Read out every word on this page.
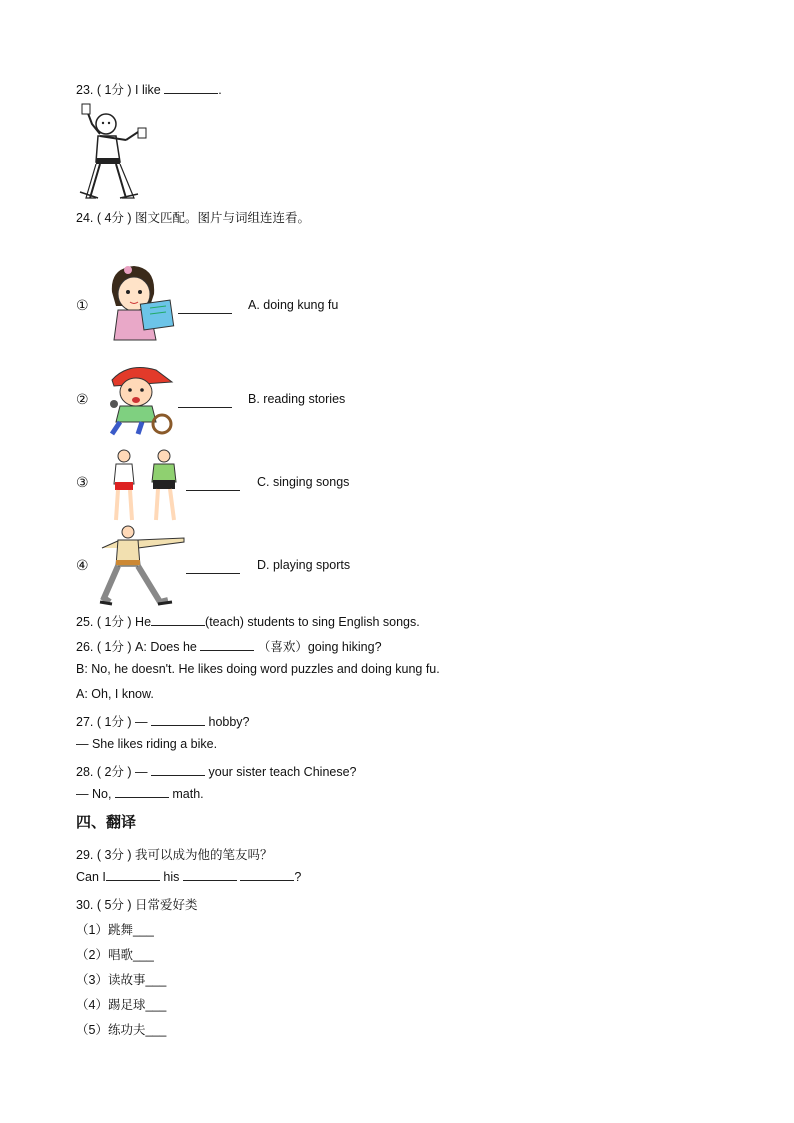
23. ( 1分 ) I like	.
24. ( 4分 ) 图文匹配。图片与词组连连看。
①	A. doing kung fu
②	B. reading stories
③	C. singing songs
④	D. playing sports
25. ( 1分 ) He	(teach) students to sing English songs.
26. ( 1分 ) A: Does he	（喜欢）going hiking?
B: No, he doesn't. He likes doing word puzzles and doing kung fu.
A: Oh, I know.
27. ( 1分 ) —	hobby?
— She likes riding a bike.
28. ( 2分 ) —	your sister teach Chinese?
— No,	math.
四、翻译
29. ( 3分 ) 我可以成为他的笔友吗？
Can I	his	?
30. ( 5分 ) 日常爱好类
（1）跳舞___
（2）唱歌___
（3）读故事___
（4）踢足球___
（5）练功夫___
